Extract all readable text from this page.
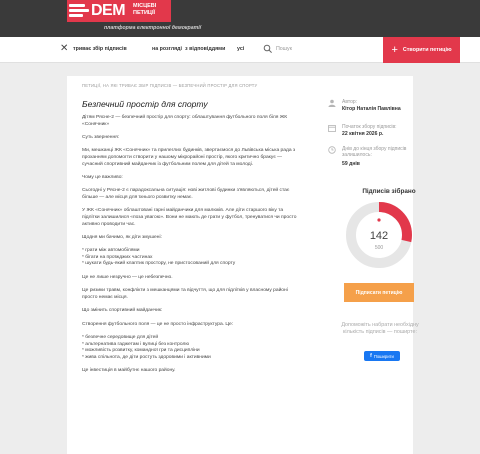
DEM МІСЦЕВІ
ПЕТИЦІЇ
платформа електронної демократії
✕ триває збір підписів	на розгляді з відповіддями усі	Пошук	+ Створити петицію
ПЕТИЦІЇ, НА ЯКІ ТРИВАЄ ЗБІР ПІДПИСІВ — БЕЗПЕЧНИЙ ПРОСТІР ДЛЯ СПОРТУ
Безпечний простір для спорту

Дітям Рясне-2 — безпечний простір для спорту: облаштування футбольного поля біля ЖК «Сонячник»

Суть звернення:

Ми, мешканці ЖК «Сонячник» та прилеглих будинків, звертаємося до Львівська міська рада з проханням допомогти створити у нашому мікрорайоні простір, якого критично бракує — сучасний спортивний майданчик із футбольним полем для дітей та молоді.

Чому це важливо:

Сьогодні у Рясне-2 є парадоксальна ситуація: нові житлові будинки з'являються, дітей стає більше — але місця для їхнього розвитку немає.

У ЖК «Сонячник» облаштовані гарні майданчики для малюків. Але діти старшого віку та підлітки залишилися «поза увагою». Вони не мають де грати у футбол, тренуватися чи просто активно проводити час.

Щодня ми бачимо, як діти змушені:

* грати між автомобілями
* бігати на проїжджих частинах
* шукати будь-який клаптик простору, не пристосований для спорту

Це не лише незручно — це небезпечно.

Це ризики травм, конфлікти з мешканцями та відчуття, що для підлітків у власному районі просто немає місця.

Що змінить спортивний майданчик:

Створення футбольного поля — це не просто інфраструктура. Це:

* безпечне середовище для дітей
* альтернатива гаджетам і вулиці без контролю
* можливість розвитку, командної гри та дисципліни
* жива спільнота, де діти ростуть здоровими і активними

Це інвестиція в майбутнє нашого району.

Автор:
Кітор Наталія Павлівна
Початок збору підписів:
22 квітня 2026 р.
Днів до кінця збору підписів залишилось:
59 днів
Підписів зібрано
142
500
Підписати петицію
Допоможiть набрати необхiдну кiлькiсть пiдписiв — поширте:
f Поширити
